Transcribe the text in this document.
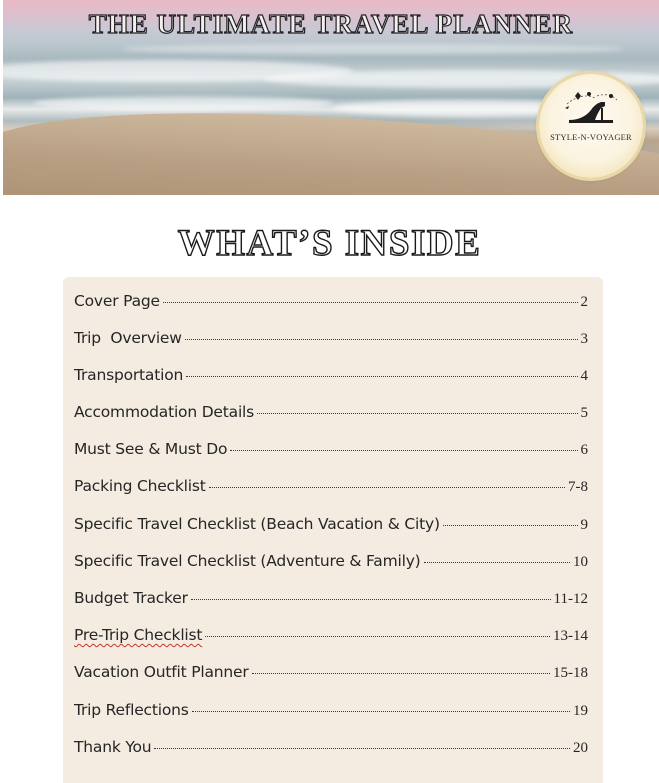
THE ULTIMATE TRAVEL PLANNER
STYLE-N-VOYAGER
WHAT’S INSIDE
Cover Page	2
Trip  Overview	3
Transportation	4
Accommodation Details	5
Must See & Must Do	6
Packing Checklist	7-8
Specific Travel Checklist (Beach Vacation & City)	9
Specific Travel Checklist (Adventure & Family)	10
Budget Tracker	11-12
Pre-Trip Checklist	13-14
Vacation Outfit Planner	15-18
Trip Reflections	19
Thank You	20
